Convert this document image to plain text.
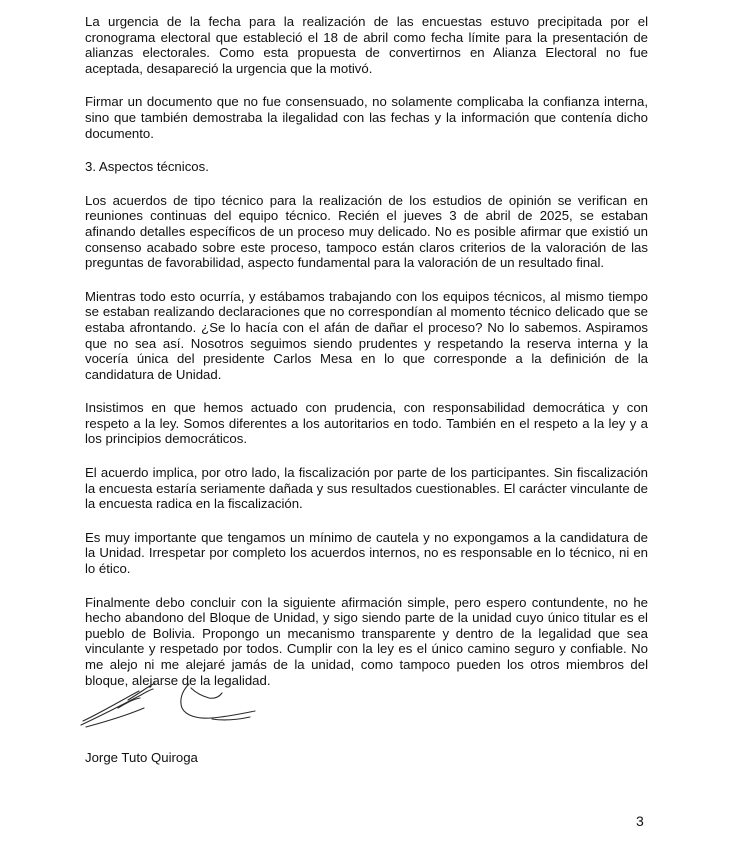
La urgencia de la fecha para la realización de las encuestas estuvo precipitada por el cronograma electoral que estableció el 18 de abril como fecha límite para la presentación de alianzas electorales. Como esta propuesta de convertirnos en Alianza Electoral no fue aceptada, desapareció la urgencia que la motivó.

Firmar un documento que no fue consensuado, no solamente complicaba la confianza interna, sino que también demostraba la ilegalidad con las fechas y la información que contenía dicho documento.

3. Aspectos técnicos.

Los acuerdos de tipo técnico para la realización de los estudios de opinión se verifican en reuniones continuas del equipo técnico. Recién el jueves 3 de abril de 2025, se estaban afinando detalles específicos de un proceso muy delicado. No es posible afirmar que existió un consenso acabado sobre este proceso, tampoco están claros criterios de la valoración de las preguntas de favorabilidad, aspecto fundamental para la valoración de un resultado final.

Mientras todo esto ocurría, y estábamos trabajando con los equipos técnicos, al mismo tiempo se estaban realizando declaraciones que no correspondían al momento técnico delicado que se estaba afrontando. ¿Se lo hacía con el afán de dañar el proceso? No lo sabemos. Aspiramos que no sea así. Nosotros seguimos siendo prudentes y respetando la reserva interna y la vocería única del presidente Carlos Mesa en lo que corresponde a la definición de la candidatura de Unidad.

Insistimos en que hemos actuado con prudencia, con responsabilidad democrática y con respeto a la ley. Somos diferentes a los autoritarios en todo. También en el respeto a la ley y a los principios democráticos.

El acuerdo implica, por otro lado, la fiscalización por parte de los participantes. Sin fiscalización la encuesta estaría seriamente dañada y sus resultados cuestionables. El carácter vinculante de la encuesta radica en la fiscalización.

Es muy importante que tengamos un mínimo de cautela y no expongamos a la candidatura de la Unidad. Irrespetar por completo los acuerdos internos, no es responsable en lo técnico, ni en lo ético.

Finalmente debo concluir con la siguiente afirmación simple, pero espero contundente, no he hecho abandono del Bloque de Unidad, y sigo siendo parte de la unidad cuyo único titular es el pueblo de Bolivia. Propongo un mecanismo transparente y dentro de la legalidad que sea vinculante y respetado por todos. Cumplir con la ley es el único camino seguro y confiable. No me alejo ni me alejaré jamás de la unidad, como tampoco pueden los otros miembros del bloque, alejarse de la legalidad.

Jorge Tuto Quiroga
3
